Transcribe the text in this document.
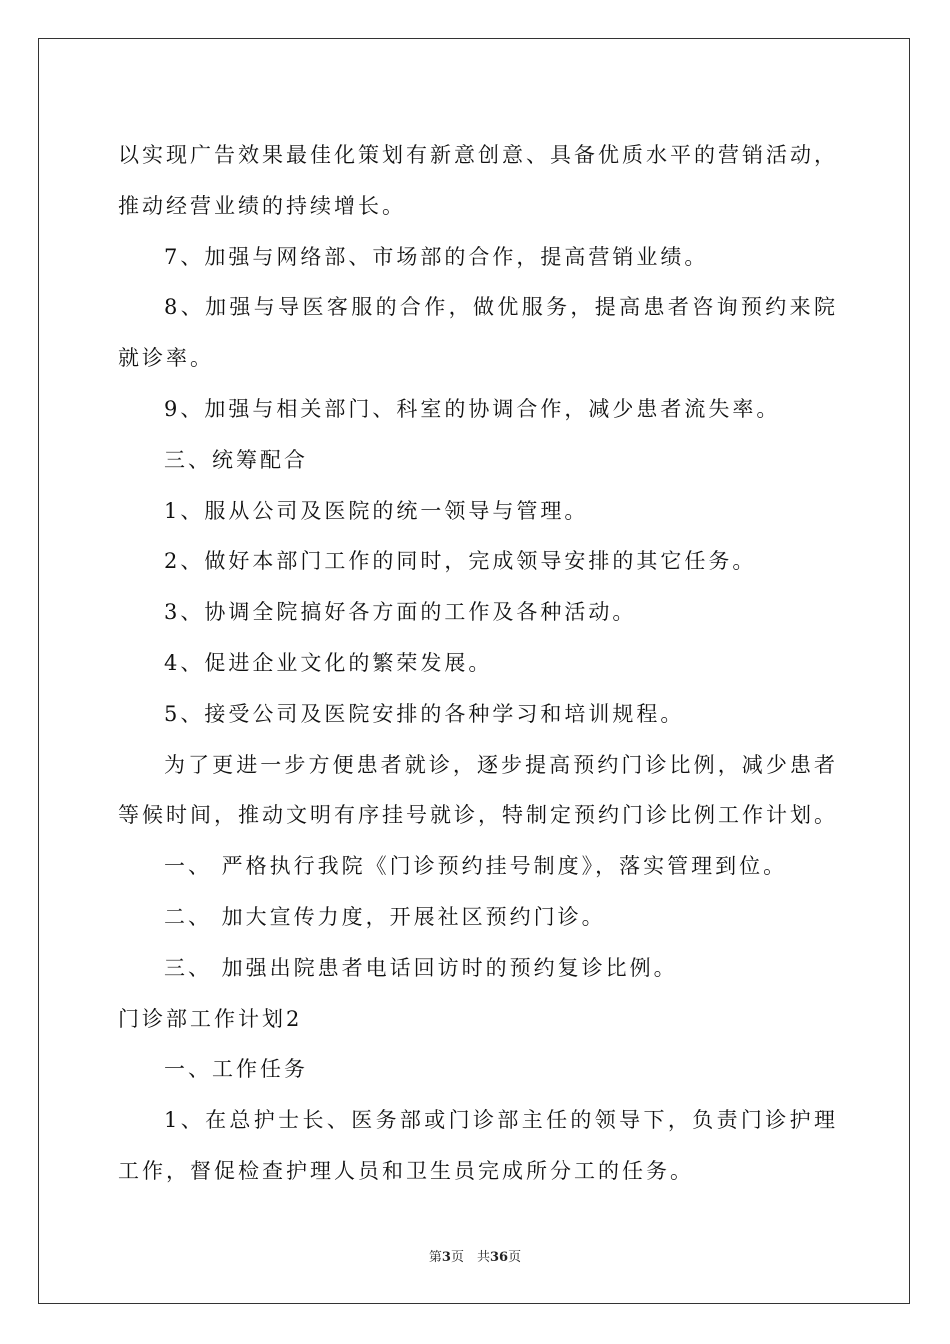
以实现广告效果最佳化策划有新意创意、具备优质水平的营销活动，
推动经营业绩的持续增长。
7、加强与网络部、市场部的合作，提高营销业绩。
8、加强与导医客服的合作，做优服务，提高患者咨询预约来院
就诊率。
9、加强与相关部门、科室的协调合作，减少患者流失率。
三、统筹配合
1、服从公司及医院的统一领导与管理。
2、做好本部门工作的同时，完成领导安排的其它任务。
3、协调全院搞好各方面的工作及各种活动。
4、促进企业文化的繁荣发展。
5、接受公司及医院安排的各种学习和培训规程。
为了更进一步方便患者就诊，逐步提高预约门诊比例，减少患者
等候时间，推动文明有序挂号就诊，特制定预约门诊比例工作计划。
一、 严格执行我院《门诊预约挂号制度》，落实管理到位。
二、 加大宣传力度，开展社区预约门诊。
三、 加强出院患者电话回访时的预约复诊比例。
门诊部工作计划2
一、工作任务
1、在总护士长、医务部或门诊部主任的领导下，负责门诊护理
工作，督促检查护理人员和卫生员完成所分工的任务。
第3页　共36页
